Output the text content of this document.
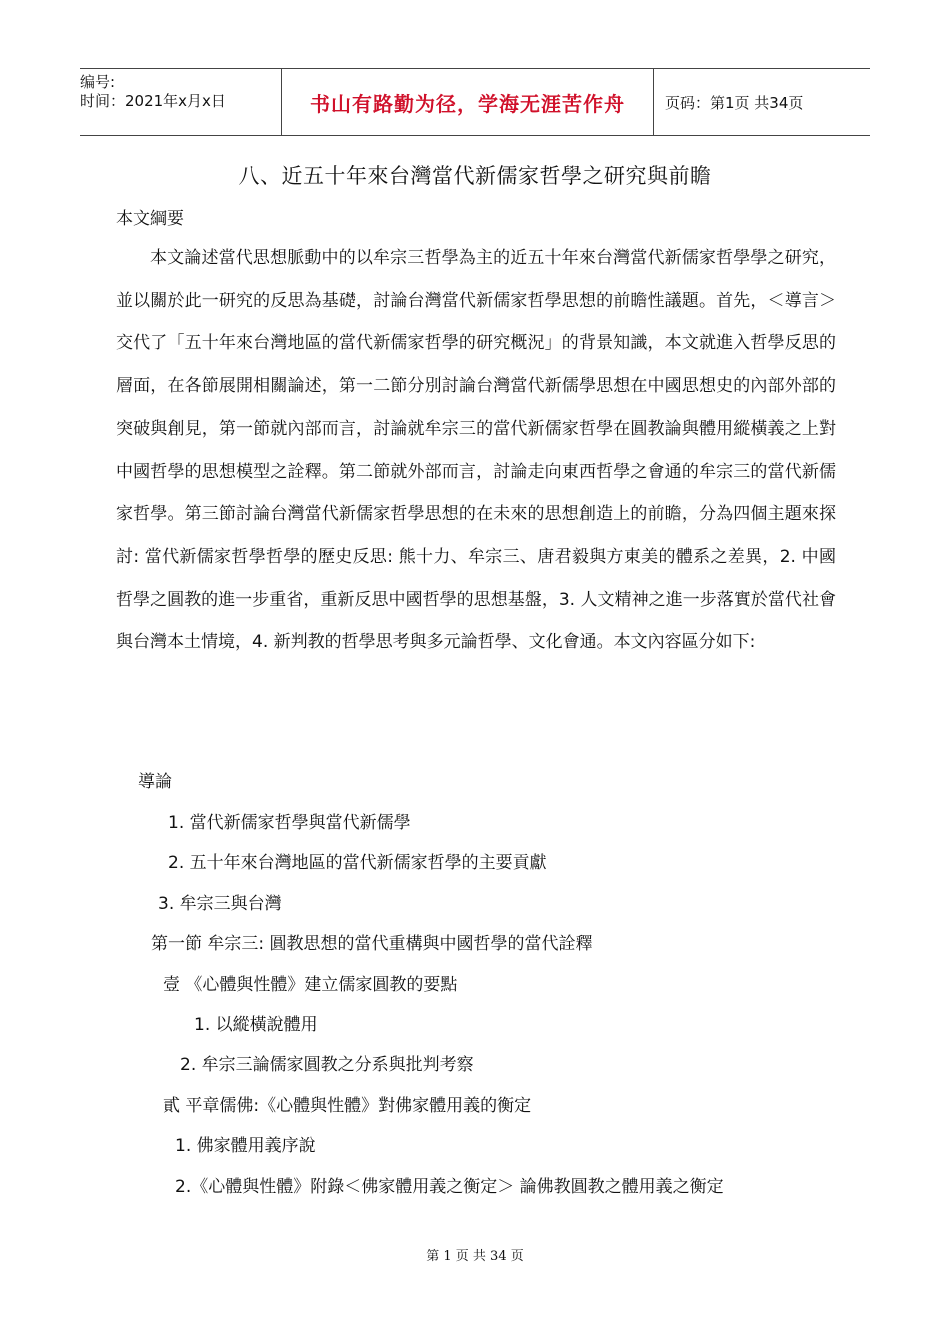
编号:
时间：2021年x月x日	书山有路勤为径，学海无涯苦作舟	页码：第1页 共34页
八、近五十年來台灣當代新儒家哲學之研究與前瞻
本文綱要

本文論述當代思想脈動中的以牟宗三哲學為主的近五十年來台灣當代新儒家哲學學之研究，並以關於此一研究的反思為基礎，討論台灣當代新儒家哲學思想的前瞻性議題。首先，＜導言＞交代了「五十年來台灣地區的當代新儒家哲學的研究概況」的背景知識，本文就進入哲學反思的層面，在各節展開相關論述，第一二節分別討論台灣當代新儒學思想在中國思想史的內部外部的突破與創見，第一節就內部而言，討論就牟宗三的當代新儒家哲學在圓教論與體用縱橫義之上對中國哲學的思想模型之詮釋。第二節就外部而言，討論走向東西哲學之會通的牟宗三的當代新儒家哲學。第三節討論台灣當代新儒家哲學思想的在未來的思想創造上的前瞻，分為四個主題來探討: 當代新儒家哲學哲學的歷史反思: 熊十力、牟宗三、唐君毅與方東美的體系之差異，2. 中國哲學之圓教的進一步重省，重新反思中國哲學的思想基盤，3. 人文精神之進一步落實於當代社會與台灣本土情境，4. 新判教的哲學思考與多元論哲學、文化會通。本文內容區分如下:

導論
1. 當代新儒家哲學與當代新儒學
2. 五十年來台灣地區的當代新儒家哲學的主要貢獻
3. 牟宗三與台灣
第一節 牟宗三: 圓教思想的當代重構與中國哲學的當代詮釋
壹 《心體與性體》建立儒家圓教的要點
1. 以縱橫說體用
2. 牟宗三論儒家圓教之分系與批判考察
貳 平章儒佛:《心體與性體》對佛家體用義的衡定
1. 佛家體用義序說
2.《心體與性體》附錄＜佛家體用義之衡定＞ 論佛教圓教之體用義之衡定
第 1 页 共 34 页
